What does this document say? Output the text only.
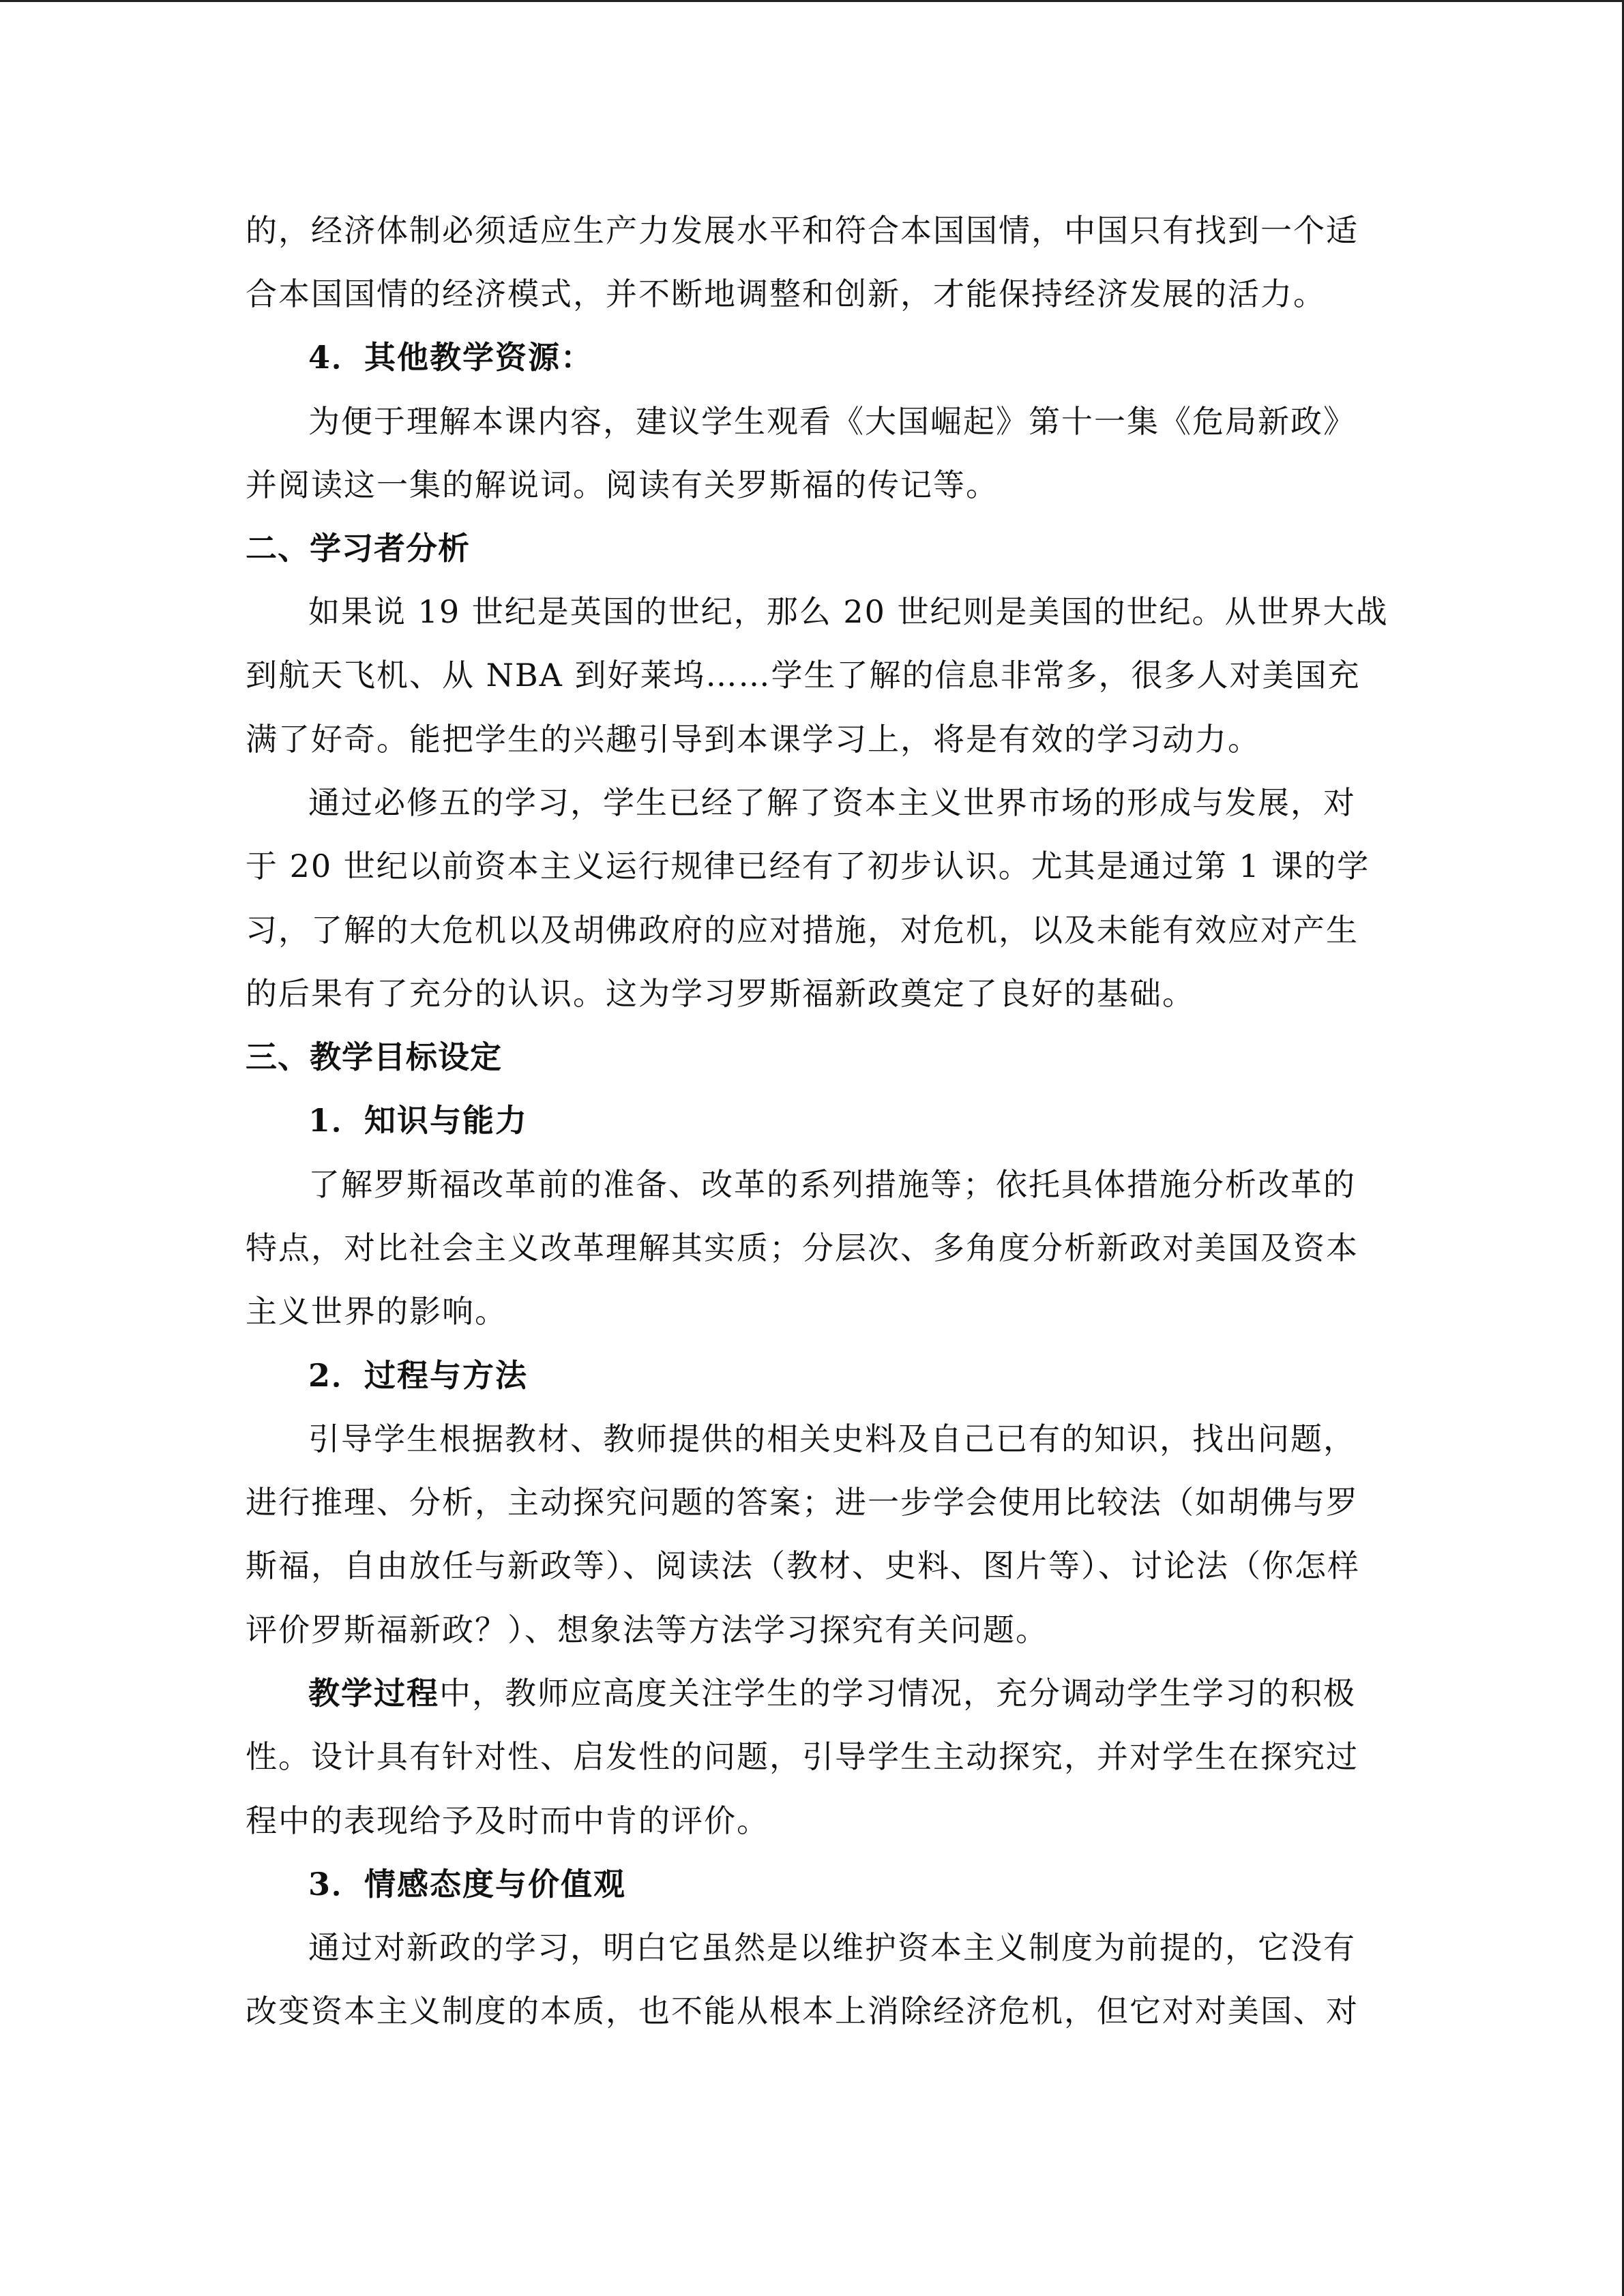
的，经济体制必须适应生产力发展水平和符合本国国情，中国只有找到一个适
合本国国情的经济模式，并不断地调整和创新，才能保持经济发展的活力。
4．其他教学资源：
为便于理解本课内容，建议学生观看《大国崛起》第十一集《危局新政》
并阅读这一集的解说词。阅读有关罗斯福的传记等。
二、学习者分析
如果说 19 世纪是英国的世纪，那么 20 世纪则是美国的世纪。从世界大战
到航天飞机、从 NBA 到好莱坞……学生了解的信息非常多，很多人对美国充
满了好奇。能把学生的兴趣引导到本课学习上，将是有效的学习动力。
通过必修五的学习，学生已经了解了资本主义世界市场的形成与发展，对
于 20 世纪以前资本主义运行规律已经有了初步认识。尤其是通过第 1 课的学
习，了解的大危机以及胡佛政府的应对措施，对危机，以及未能有效应对产生
的后果有了充分的认识。这为学习罗斯福新政奠定了良好的基础。
三、教学目标设定
1．知识与能力
了解罗斯福改革前的准备、改革的系列措施等；依托具体措施分析改革的
特点，对比社会主义改革理解其实质；分层次、多角度分析新政对美国及资本
主义世界的影响。
2．过程与方法
引导学生根据教材、教师提供的相关史料及自己已有的知识，找出问题，
进行推理、分析，主动探究问题的答案；进一步学会使用比较法（如胡佛与罗
斯福，自由放任与新政等）、阅读法（教材、史料、图片等）、讨论法（你怎样
评价罗斯福新政？）、想象法等方法学习探究有关问题。
教学过程中，教师应高度关注学生的学习情况，充分调动学生学习的积极
性。设计具有针对性、启发性的问题，引导学生主动探究，并对学生在探究过
程中的表现给予及时而中肯的评价。
3．情感态度与价值观
通过对新政的学习，明白它虽然是以维护资本主义制度为前提的，它没有
改变资本主义制度的本质，也不能从根本上消除经济危机，但它对对美国、对
